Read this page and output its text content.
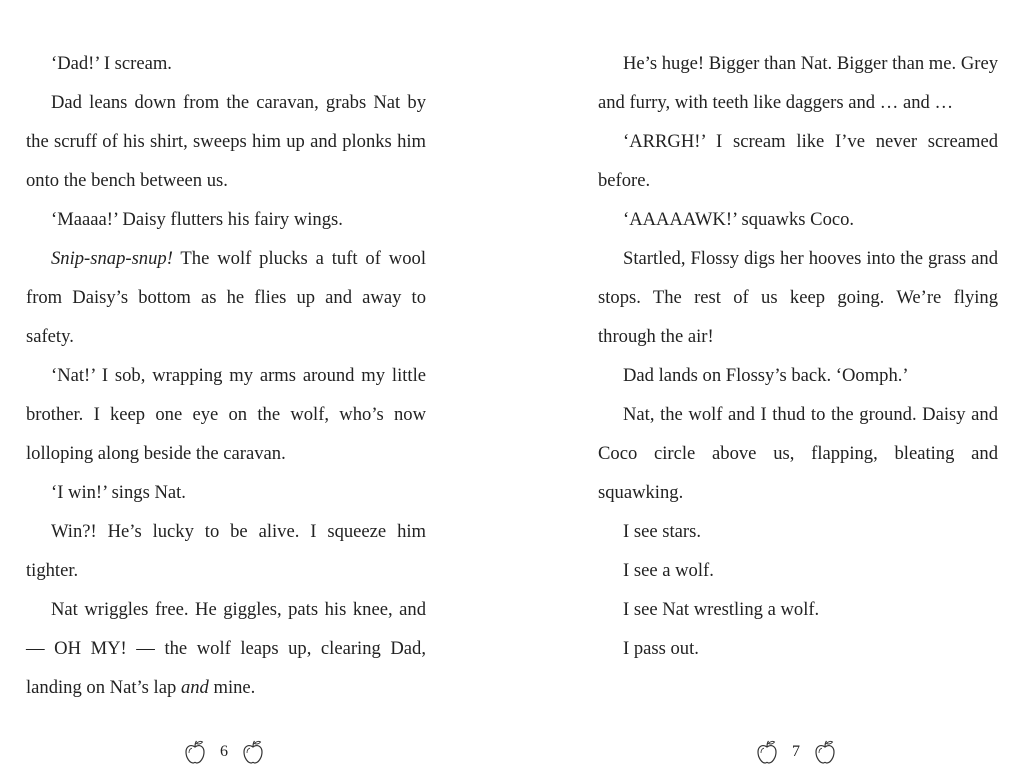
‘Dad!’ I scream.

Dad leans down from the caravan, grabs Nat by the scruff of his shirt, sweeps him up and plonks him onto the bench between us.

‘Maaaa!’ Daisy flutters his fairy wings.

Snip-snap-snup! The wolf plucks a tuft of wool from Daisy’s bottom as he flies up and away to safety.

‘Nat!’ I sob, wrapping my arms around my little brother. I keep one eye on the wolf, who’s now lolloping along beside the caravan.

‘I win!’ sings Nat.

Win?! He’s lucky to be alive. I squeeze him tighter.

Nat wriggles free. He giggles, pats his knee, and — OH MY! — the wolf leaps up, clearing Dad, landing on Nat’s lap and mine.

He’s huge! Bigger than Nat. Bigger than me. Grey and furry, with teeth like daggers and … and …

‘ARRGH!’ I scream like I’ve never screamed before.

‘AAAAAWK!’ squawks Coco.

Startled, Flossy digs her hooves into the grass and stops. The rest of us keep going. We’re flying through the air!

Dad lands on Flossy’s back. ‘Oomph.’

Nat, the wolf and I thud to the ground. Daisy and Coco circle above us, flapping, bleating and squawking.

I see stars.

I see a wolf.

I see Nat wrestling a wolf.

I pass out.

6	7
